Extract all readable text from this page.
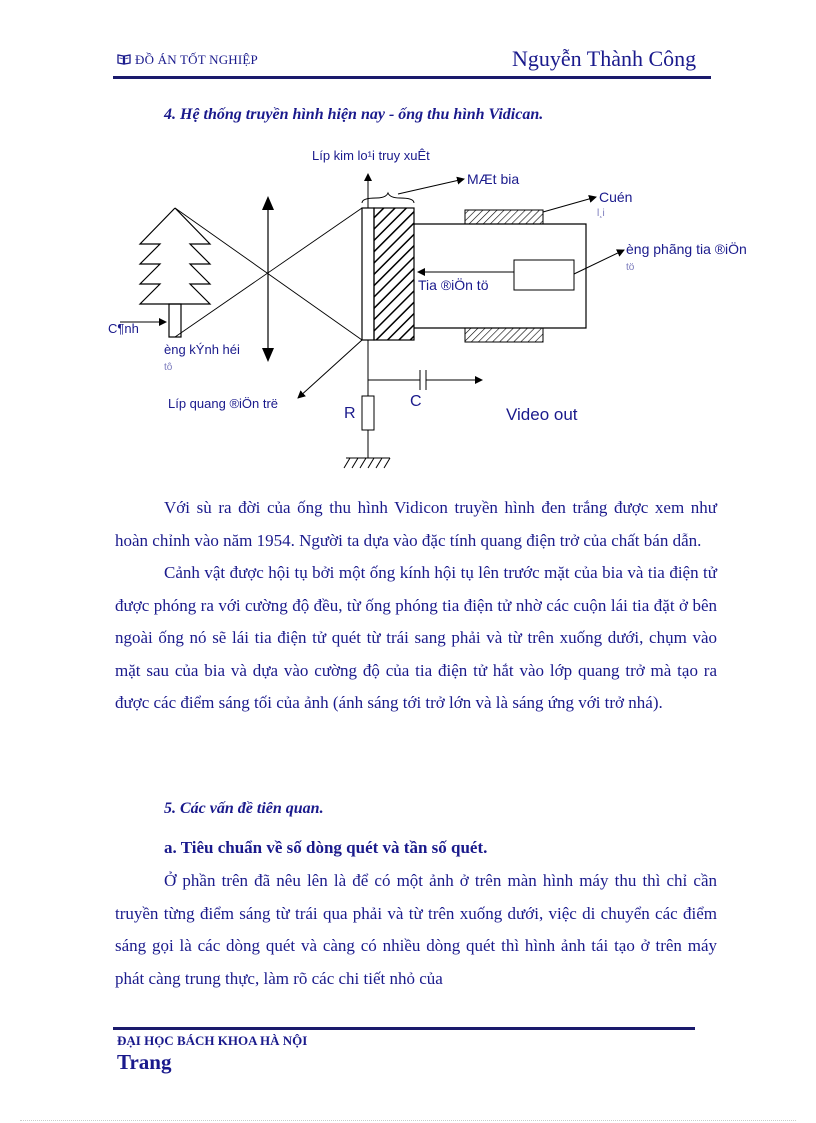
ĐỒ ÁN TỐT NGHIỆP	Nguyễn Thành Công
4. Hệ thống truyền hình hiện nay - ống thu hình Vidican.
Líp kim lo¹i truy xuÊt
MÆt bia
Cuén
l¸i
èng phãng tia ®iÖn
tö
Tia ®iÖn tö
C¶nh
èng kÝnh héi
tô
Líp quang ®iÖn trë
R
C
Video out

Với sù ra đời của ống thu hình Vidicon truyền hình đen trắng được xem như hoàn chỉnh vào năm 1954. Người ta dựa vào đặc tính quang điện trở của chất bán dẫn.

Cảnh vật được hội tụ bởi một ống kính hội tụ lên trước mặt của bia và tia điện tử được phóng ra với cường độ đều, từ ống phóng tia điện tử nhờ các cuộn lái tia đặt ở bên ngoài ống nó sẽ lái tia điện tử quét từ trái sang phải và từ trên xuống dưới, chụm vào mặt sau của bia và dựa vào cường độ của tia điện tử hắt vào lớp quang trở mà tạo ra được các điểm sáng tối của ảnh (ánh sáng tới trở lớn và là sáng ứng với trở nhá).

5. Các vấn đề tiên quan.
a. Tiêu chuẩn về số dòng quét và tần số quét.

Ở phần trên đã nêu lên là để có một ảnh ở trên màn hình máy thu thì chỉ cần truyền từng điểm sáng từ trái qua phải và từ trên xuống dưới, việc di chuyển các điểm sáng gọi là các dòng quét và càng có nhiều dòng quét thì hình ảnh tái tạo ở trên máy phát càng trung thực, làm rõ các chi tiết nhỏ của

ĐẠI HỌC BÁCH KHOA HÀ NỘI
Trang
